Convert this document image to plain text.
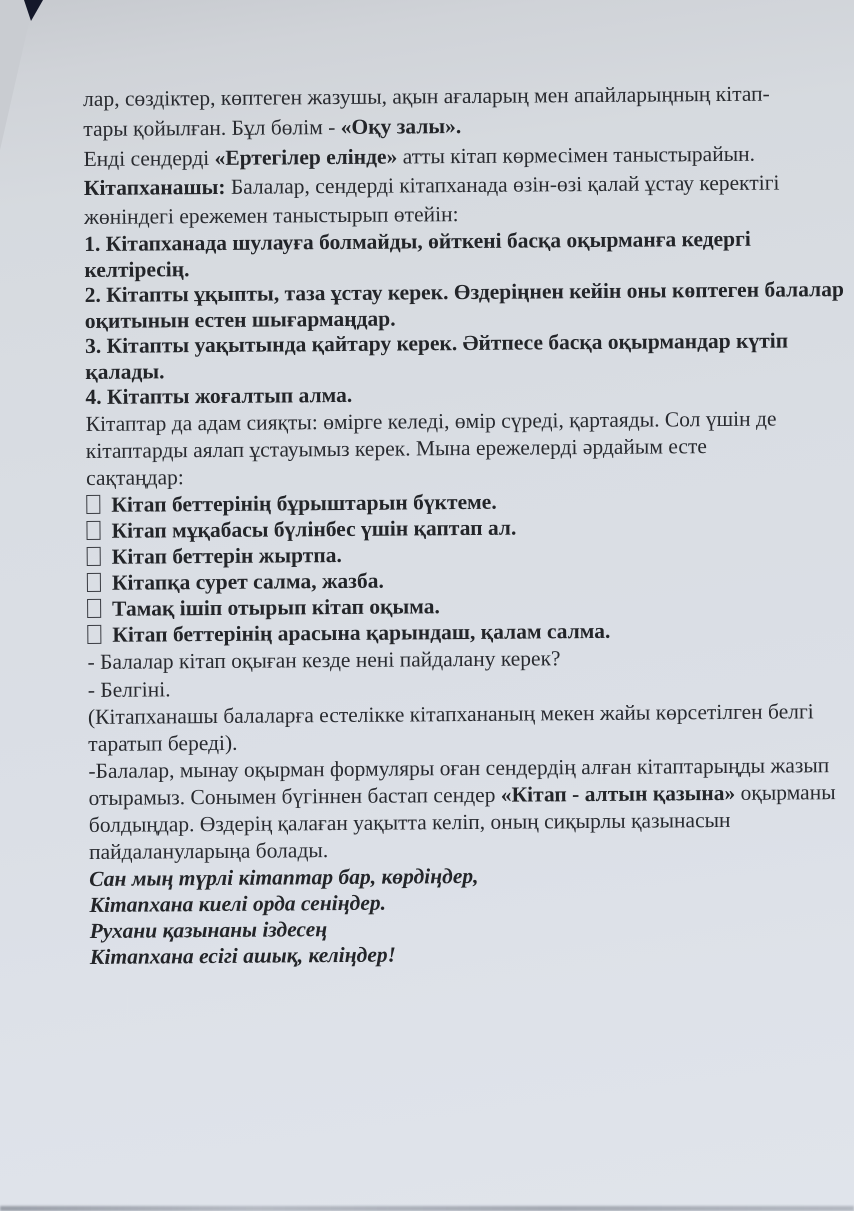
лар, сөздіктер, көптеген жазушы, ақын ағаларың мен апайларыңның кітап-
тары қойылған. Бұл бөлім - «Оқу залы».
Енді сендерді «Ертегілер елінде» атты кітап көрмесімен таныстырайын.

Кітапханашы: Балалар, сендерді кітапханада өзін-өзі қалай ұстау керектігі жөніндегі ережемен таныстырып өтейін:

1. Кітапханада шулауға болмайды, өйткені басқа оқырманға кедергі келтіресің.
2. Кітапты ұқыпты, таза ұстау керек. Өздеріңнен кейін оны көптеген балалар оқитынын естен шығармаңдар.
3. Кітапты уақытында қайтару керек. Әйтпесе басқа оқырмандар күтіп қалады.
4. Кітапты жоғалтып алма.

Кітаптар да адам сияқты: өмірге келеді, өмір сүреді, қартаяды. Сол үшін де кітаптарды аялап ұстауымыз керек. Мына ережелерді әрдайым есте сақтаңдар:

Кітап беттерінің бұрыштарын бүктеме.
Кітап мұқабасы бүлінбес үшін қаптап ал.
Кітап беттерін жыртпа.
Кітапқа сурет салма, жазба.
Тамақ ішіп отырып кітап оқыма.
Кітап беттерінің арасына қарындаш, қалам салма.
- Балалар кітап оқыған кезде нені пайдалану керек?
- Белгіні.

(Кітапханашы балаларға естелікке кітапхананың мекен жайы көрсетілген белгі таратып береді).

-Балалар, мынау оқырман формуляры оған сендердің алған кітаптарыңды жазып отырамыз. Сонымен бүгіннен бастап сендер «Кітап - алтын қазына» оқырманы болдыңдар. Өздерің қалаған уақытта келіп, оның сиқырлы қазынасын пайдалануларыңа болады.

Сан мың түрлі кітаптар бар, көрдіңдер,
Кітапхана киелі орда сеніңдер.
Рухани қазынаны іздесең
Кітапхана есігі ашық, келіңдер!
